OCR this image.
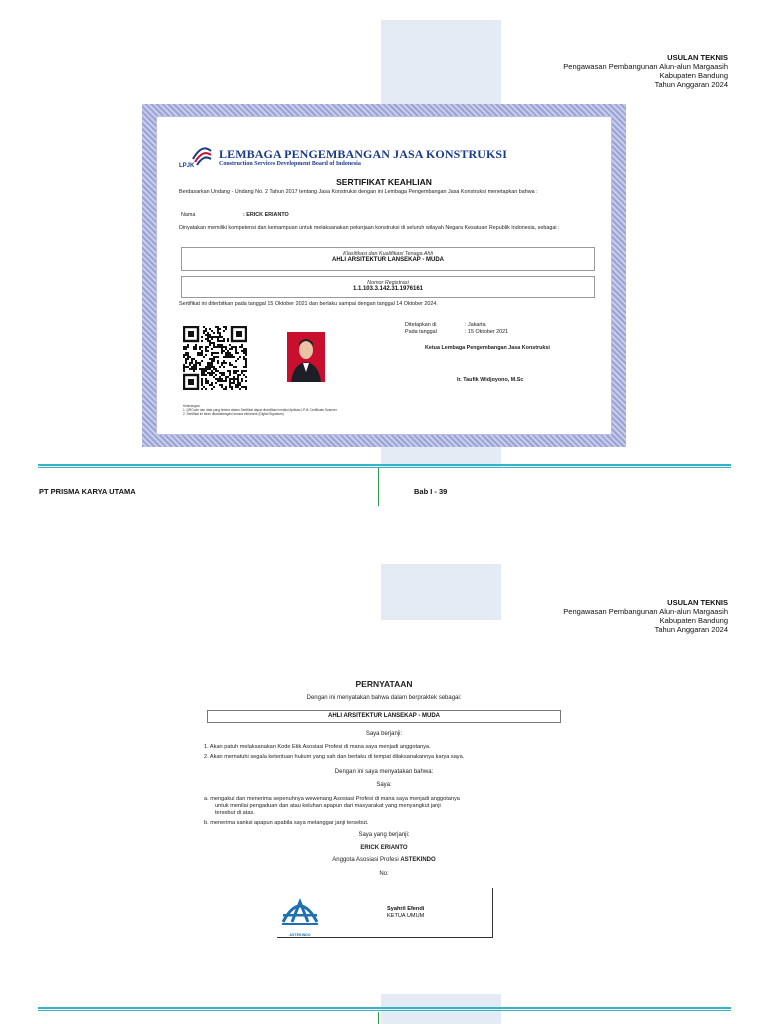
USULAN TEKNIS
Pengawasan Pembangunan Alun-alun Margaasih
Kabupaten Bandung
Tahun Anggaran 2024
LPJK
LEMBAGA PENGEMBANGAN JASA KONSTRUKSI
Construction Services Development Board of Indonesia
SERTIFIKAT KEAHLIAN
Berdasarkan Undang - Undang No. 2 Tahun 2017 tentang Jasa Konstruksi dengan ini Lembaga Pengembangan Jasa Konstruksi menetapkan bahwa :
Nama	: ERICK ERIANTO
Dinyatakan memiliki kompetensi dan kemampuan untuk melaksanakan pekerjaan konstruksi di seluruh wilayah Negara Kesatuan Republik Indonesia, sebagai :
Klasifikasi dan Kualifikasi Tenaga Ahli
AHLI ARSITEKTUR LANSEKAP - MUDA
Nomor Registrasi
1.1.103.3.142.31.1976161
Sertifikat ini diterbitkan pada tanggal 15 Oktober 2021 dan berlaku sampai dengan tanggal 14 Oktober 2024.
Ditetapkan di	: Jakarta
Pada tanggal	: 15 Oktober 2021
Ketua Lembaga Pengembangan Jasa Konstruksi
Ir. Taufik Widjoyono, M.Sc
Keterangan:
1. QRCode dan data yang tertera dalam Sertifikat dapat diverifikasi melalui Aplikasi LPJK Certificate Scanner
2. Sertifikat ini telah ditandatangani secara elektronik (Digital Signature)
PT PRISMA KARYA UTAMA	Bab I - 39
USULAN TEKNIS
Pengawasan Pembangunan Alun-alun Margaasih
Kabupaten Bandung
Tahun Anggaran 2024
PERNYATAAN
Dengan ini menyatakan bahwa dalam berpraktek sebagai:
AHLI ARSITEKTUR LANSEKAP - MUDA
Saya berjanji:
1. Akan patuh melaksanakan Kode Etik Asosiasi Profesi di mana saya menjadi anggotanya.
2. Akan mematuhi segala ketentuan hukum yang sah dan berlaku di tempat dilaksanakannya karya saya.
Dengan ini saya menyatakan bahwa:
Saya:
a. mengakui dan menerima sepenuhnya wewenang Asosiasi Profesi di mana saya menjadi anggotanya
untuk menilai pengaduan dan atau keluhan apapun dari masyarakat yang menyangkut janji
tersebut di atas.
b. menerima sanksi apapun apabila saya melanggar janji tersebut.
Saya yang berjanji:
ERICK ERIANTO
Anggota Asosiasi Profesi ASTEKINDO
No:
ASTEKINDO
Syahril Efendi
KETUA UMUM
